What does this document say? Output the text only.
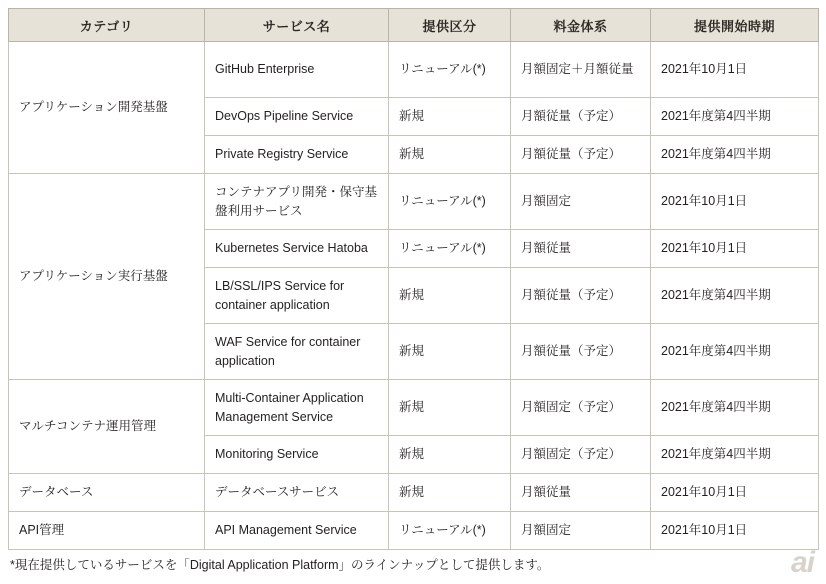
カテゴリ	サービス名	提供区分	料金体系	提供開始時期
アプリケーション開発基盤	GitHub Enterprise	リニューアル(*)	月額固定＋月額従量	2021年10月1日
	DevOps Pipeline Service	新規	月額従量（予定）	2021年度第4四半期
	Private Registry Service	新規	月額従量（予定）	2021年度第4四半期
アプリケーション実行基盤	コンテナアプリ開発・保守基盤利用サービス	リニューアル(*)	月額固定	2021年10月1日
	Kubernetes Service Hatoba	リニューアル(*)	月額従量	2021年10月1日
	LB/SSL/IPS Service for container application	新規	月額従量（予定）	2021年度第4四半期
	WAF Service for container application	新規	月額従量（予定）	2021年度第4四半期
マルチコンテナ運用管理	Multi-Container Application Management Service	新規	月額固定（予定）	2021年度第4四半期
	Monitoring Service	新規	月額固定（予定）	2021年度第4四半期
データベース	データベースサービス	新規	月額従量	2021年10月1日
API管理	API Management Service	リニューアル(*)	月額固定	2021年10月1日
*現在提供しているサービスを「Digital Application Platform」のラインナップとして提供します。	ai
